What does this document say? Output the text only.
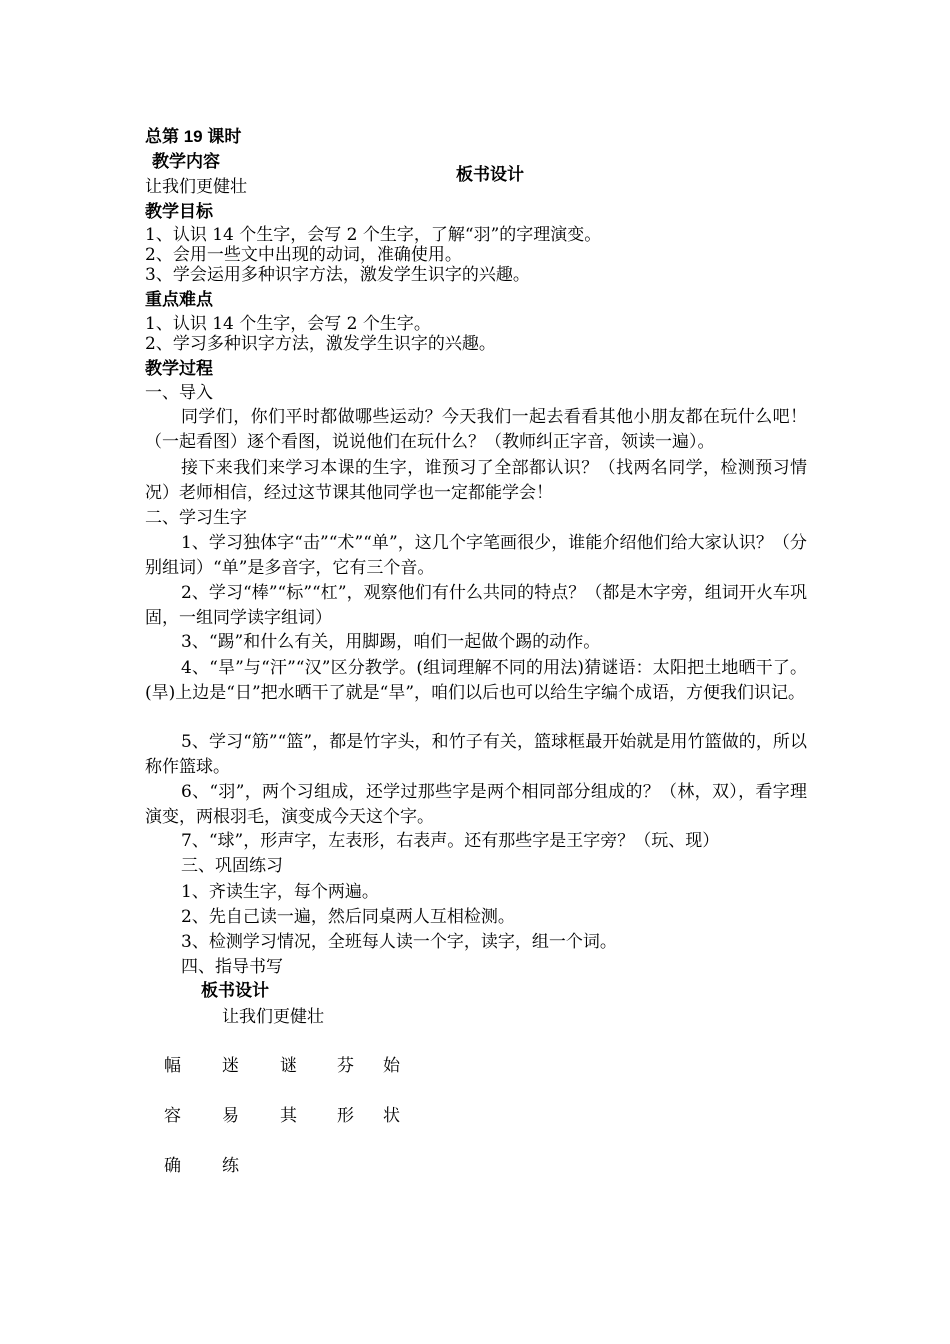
总第 19 课时
教学内容
板书设计
让我们更健壮
教学目标
1、认识 14 个生字，会写 2 个生字，了解“羽”的字理演变。
2、会用一些文中出现的动词，准确使用。
3、学会运用多种识字方法，激发学生识字的兴趣。
重点难点
1、认识 14 个生字，会写 2 个生字。
2、学习多种识字方法，激发学生识字的兴趣。
教学过程
一、导入

同学们，你们平时都做哪些运动？今天我们一起去看看其他小朋友都在玩什么吧！（一起看图）逐个看图，说说他们在玩什么？（教师纠正字音，领读一遍）。

接下来我们来学习本课的生字，谁预习了全部都认识？（找两名同学，检测预习情况）老师相信，经过这节课其他同学也一定都能学会！

二、学习生字

1、学习独体字“击”“术”“单”，这几个字笔画很少，谁能介绍他们给大家认识？（分别组词）“单”是多音字，它有三个音。

2、学习“棒”“标”“杠”，观察他们有什么共同的特点？（都是木字旁，组词开火车巩固，一组同学读字组词）

3、“踢”和什么有关，用脚踢，咱们一起做个踢的动作。

4、“旱”与“汗”“汉”区分教学。(组词理解不同的用法)猜谜语：太阳把土地晒干了。(旱)上边是“日”把水晒干了就是“旱”，咱们以后也可以给生字编个成语，方便我们识记。

5、学习“筋”“篮”，都是竹字头，和竹子有关，篮球框最开始就是用竹篮做的，所以称作篮球。

6、“羽”，两个习组成，还学过那些字是两个相同部分组成的？（林，双），看字理演变，两根羽毛，演变成今天这个字。

7、“球”，形声字，左表形，右表声。还有那些字是王字旁？（玩、现）

三、巩固练习
1、齐读生字，每个两遍。
2、先自己读一遍，然后同桌两人互相检测。
3、检测学习情况，全班每人读一个字，读字，组一个词。
四、指导书写
板书设计
让我们更健壮
幅 迷 谜 芬 始
容 易 其 形 状
确 练
